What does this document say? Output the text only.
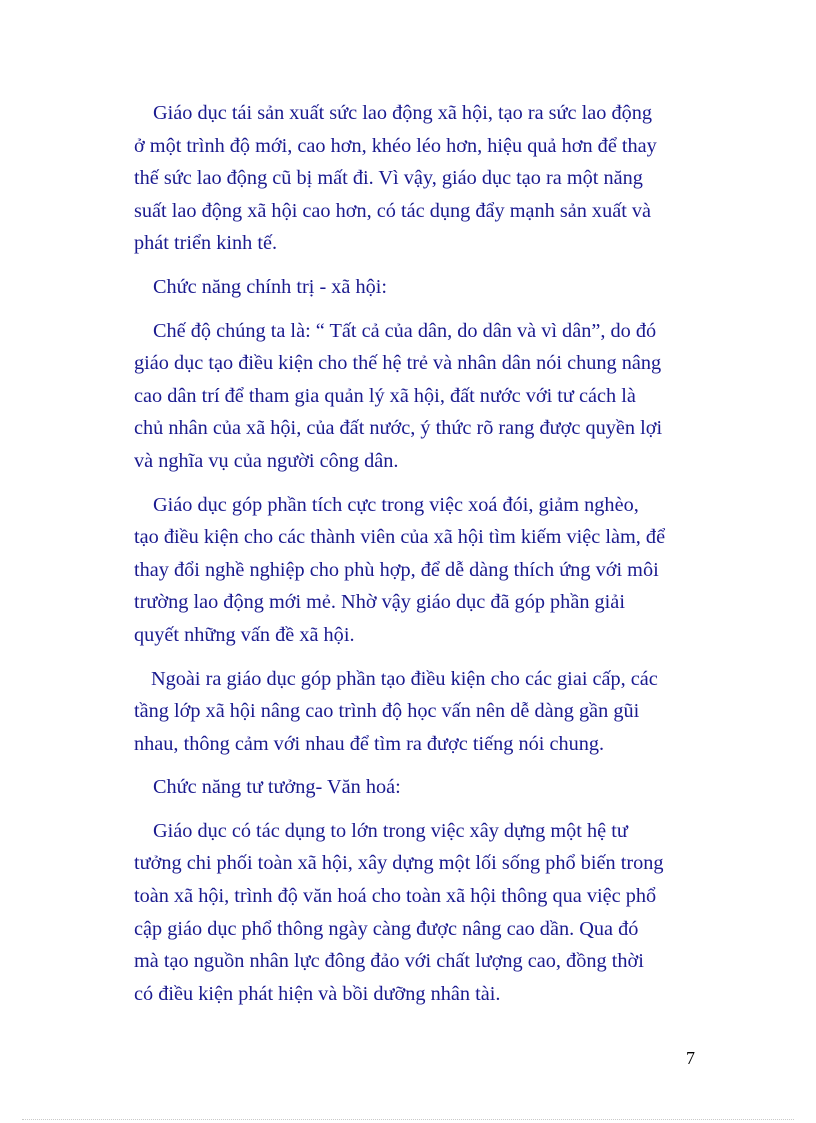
Giáo dục tái sản xuất sức lao động xã hội, tạo ra sức lao động
ở một trình độ mới, cao hơn, khéo léo hơn, hiệu quả hơn để thay
thế sức lao động cũ bị mất đi. Vì vậy, giáo dục tạo ra một năng
suất lao động xã hội cao hơn, có tác dụng đẩy mạnh sản xuất và
phát triển kinh tế.

Chức năng chính trị - xã hội:

Chế độ chúng ta là: “ Tất cả của dân, do dân và vì dân”, do đó
giáo dục tạo điều kiện cho thế hệ trẻ và nhân dân nói chung nâng
cao dân trí để tham gia quản lý xã hội, đất nước với tư cách là
chủ nhân của xã hội, của đất nước, ý thức rõ rang được quyền lợi
và nghĩa vụ của người công dân.

Giáo dục góp phần tích cực trong việc xoá đói, giảm nghèo,
tạo điều kiện cho các thành viên của xã hội tìm kiếm việc làm, để
thay đổi nghề nghiệp cho phù hợp, để dễ dàng thích ứng với môi
trường lao động mới mẻ. Nhờ vậy giáo dục đã góp phần giải
quyết những vấn đề xã hội.

Ngoài ra giáo dục góp phần tạo điều kiện cho các giai cấp, các
tầng lớp xã hội nâng cao trình độ học vấn nên dễ dàng gần gũi
nhau, thông cảm với nhau để tìm ra được tiếng nói chung.

Chức năng tư tưởng- Văn hoá:

Giáo dục có tác dụng to lớn trong việc xây dựng một hệ tư
tưởng chi phối toàn xã hội, xây dựng một lối sống phổ biến trong
toàn xã hội, trình độ văn hoá cho toàn xã hội thông qua việc phổ
cập giáo dục phổ thông ngày càng được nâng cao dần. Qua đó
mà tạo nguồn nhân lực đông đảo với chất lượng cao, đồng thời
có điều kiện phát hiện và bồi dưỡng nhân tài.

7
